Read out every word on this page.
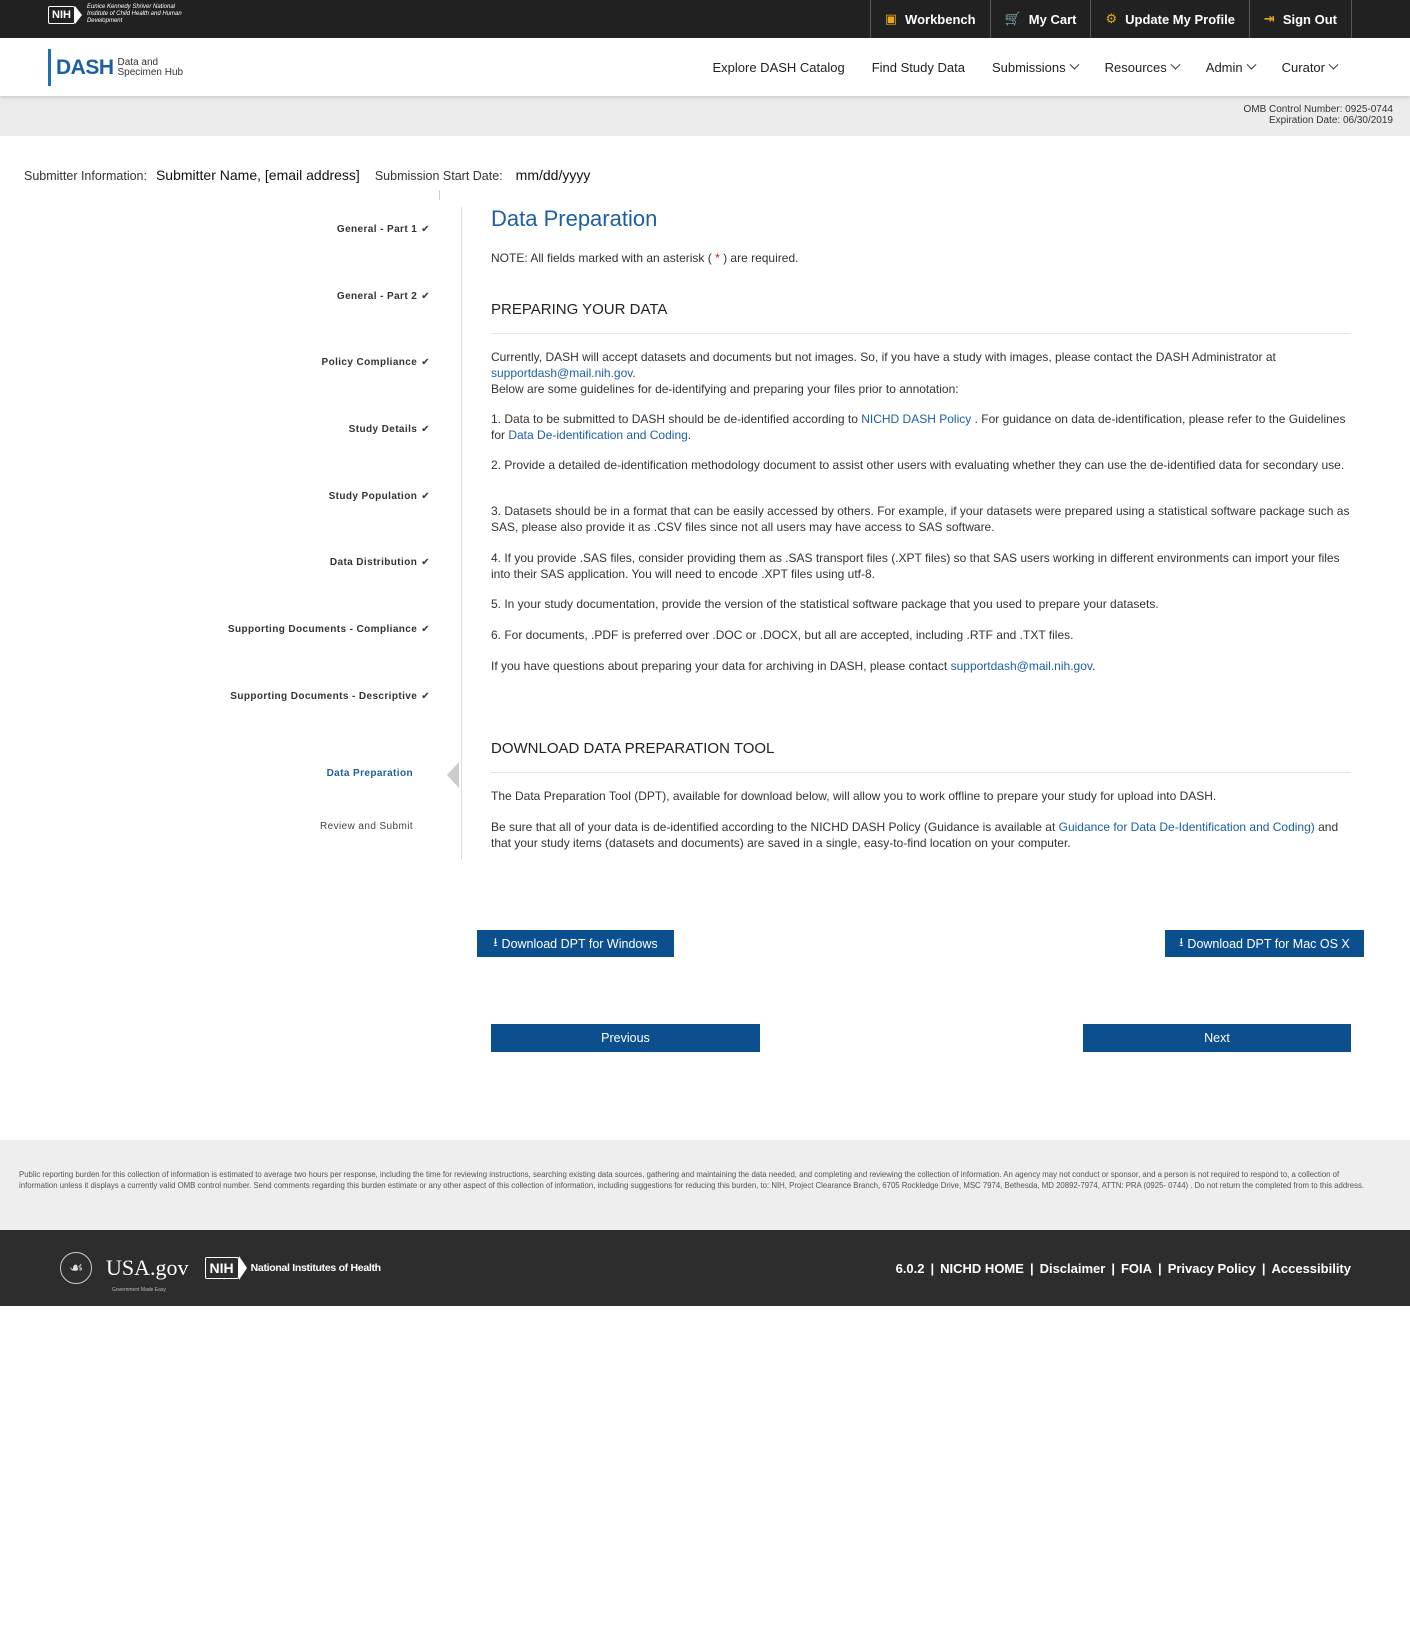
NIH
Eunice Kennedy Shriver National Institute of Child Health and Human Development	▣ Workbench 🛒 My Cart ⚙ Update My Profile ⇥ Sign Out
DASH Data and
Specimen Hub	Explore DASH Catalog Find Study Data Submissions	Resources	Admin	Curator
OMB Control Number: 0925-0744
Expiration Date: 06/30/2019
Submitter Information: Submitter Name, [email address] Submission Start Date: mm/dd/yyyy
General - Part 1 ✔
General - Part 2 ✔
Policy Compliance ✔
Study Details ✔
Study Population ✔
Data Distribution ✔
Supporting Documents - Compliance ✔
Supporting Documents - Descriptive ✔
Data Preparation
Review and Submit
Data Preparation
NOTE: All fields marked with an asterisk ( * ) are required.
PREPARING YOUR DATA
Currently, DASH will accept datasets and documents but not images. So, if you have a study with images, please contact the DASH Administrator at supportdash@mail.nih.gov.
Below are some guidelines for de-identifying and preparing your files prior to annotation:
1. Data to be submitted to DASH should be de-identified according to NICHD DASH Policy . For guidance on data de-identification, please refer to the Guidelines for Data De-identification and Coding.
2. Provide a detailed de-identification methodology document to assist other users with evaluating whether they can use the de-identified data for secondary use.
3. Datasets should be in a format that can be easily accessed by others. For example, if your datasets were prepared using a statistical software package such as SAS, please also provide it as .CSV files since not all users may have access to SAS software.
4. If you provide .SAS files, consider providing them as .SAS transport files (.XPT files) so that SAS users working in different environments can import your files into their SAS application. You will need to encode .XPT files using utf-8.
5. In your study documentation, provide the version of the statistical software package that you used to prepare your datasets.
6. For documents, .PDF is preferred over .DOC or .DOCX, but all are accepted, including .RTF and .TXT files.
If you have questions about preparing your data for archiving in DASH, please contact supportdash@mail.nih.gov.
DOWNLOAD DATA PREPARATION TOOL
The Data Preparation Tool (DPT), available for download below, will allow you to work offline to prepare your study for upload into DASH.
Be sure that all of your data is de-identified according to the NICHD DASH Policy (Guidance is available at Guidance for Data De-Identification and Coding) and that your study items (datasets and documents) are saved in a single, easy-to-find location on your computer.
⭳ Download DPT for Windows	⭳ Download DPT for Mac OS X
Previous	Next
Public reporting burden for this collection of information is estimated to average two hours per response, including the time for reviewing instructions, searching existing data sources, gathering and maintaining the data needed, and completing and reviewing the collection of information. An agency may not conduct or sponsor, and a person is not required to respond to, a collection of information unless it displays a currently valid OMB control number. Send comments regarding this burden estimate or any other aspect of this collection of information, including suggestions for reducing this burden, to: NIH, Project Clearance Branch, 6705 Rockledge Drive, MSC 7974, Bethesda, MD 20892-7974, ATTN: PRA (0925- 0744) . Do not return the completed from to this address.
☙	USA.gov
Government Made Easy
NIH	National Institutes of Health	6.0.2 | NICHD HOME | Disclaimer | FOIA | Privacy Policy | Accessibility
